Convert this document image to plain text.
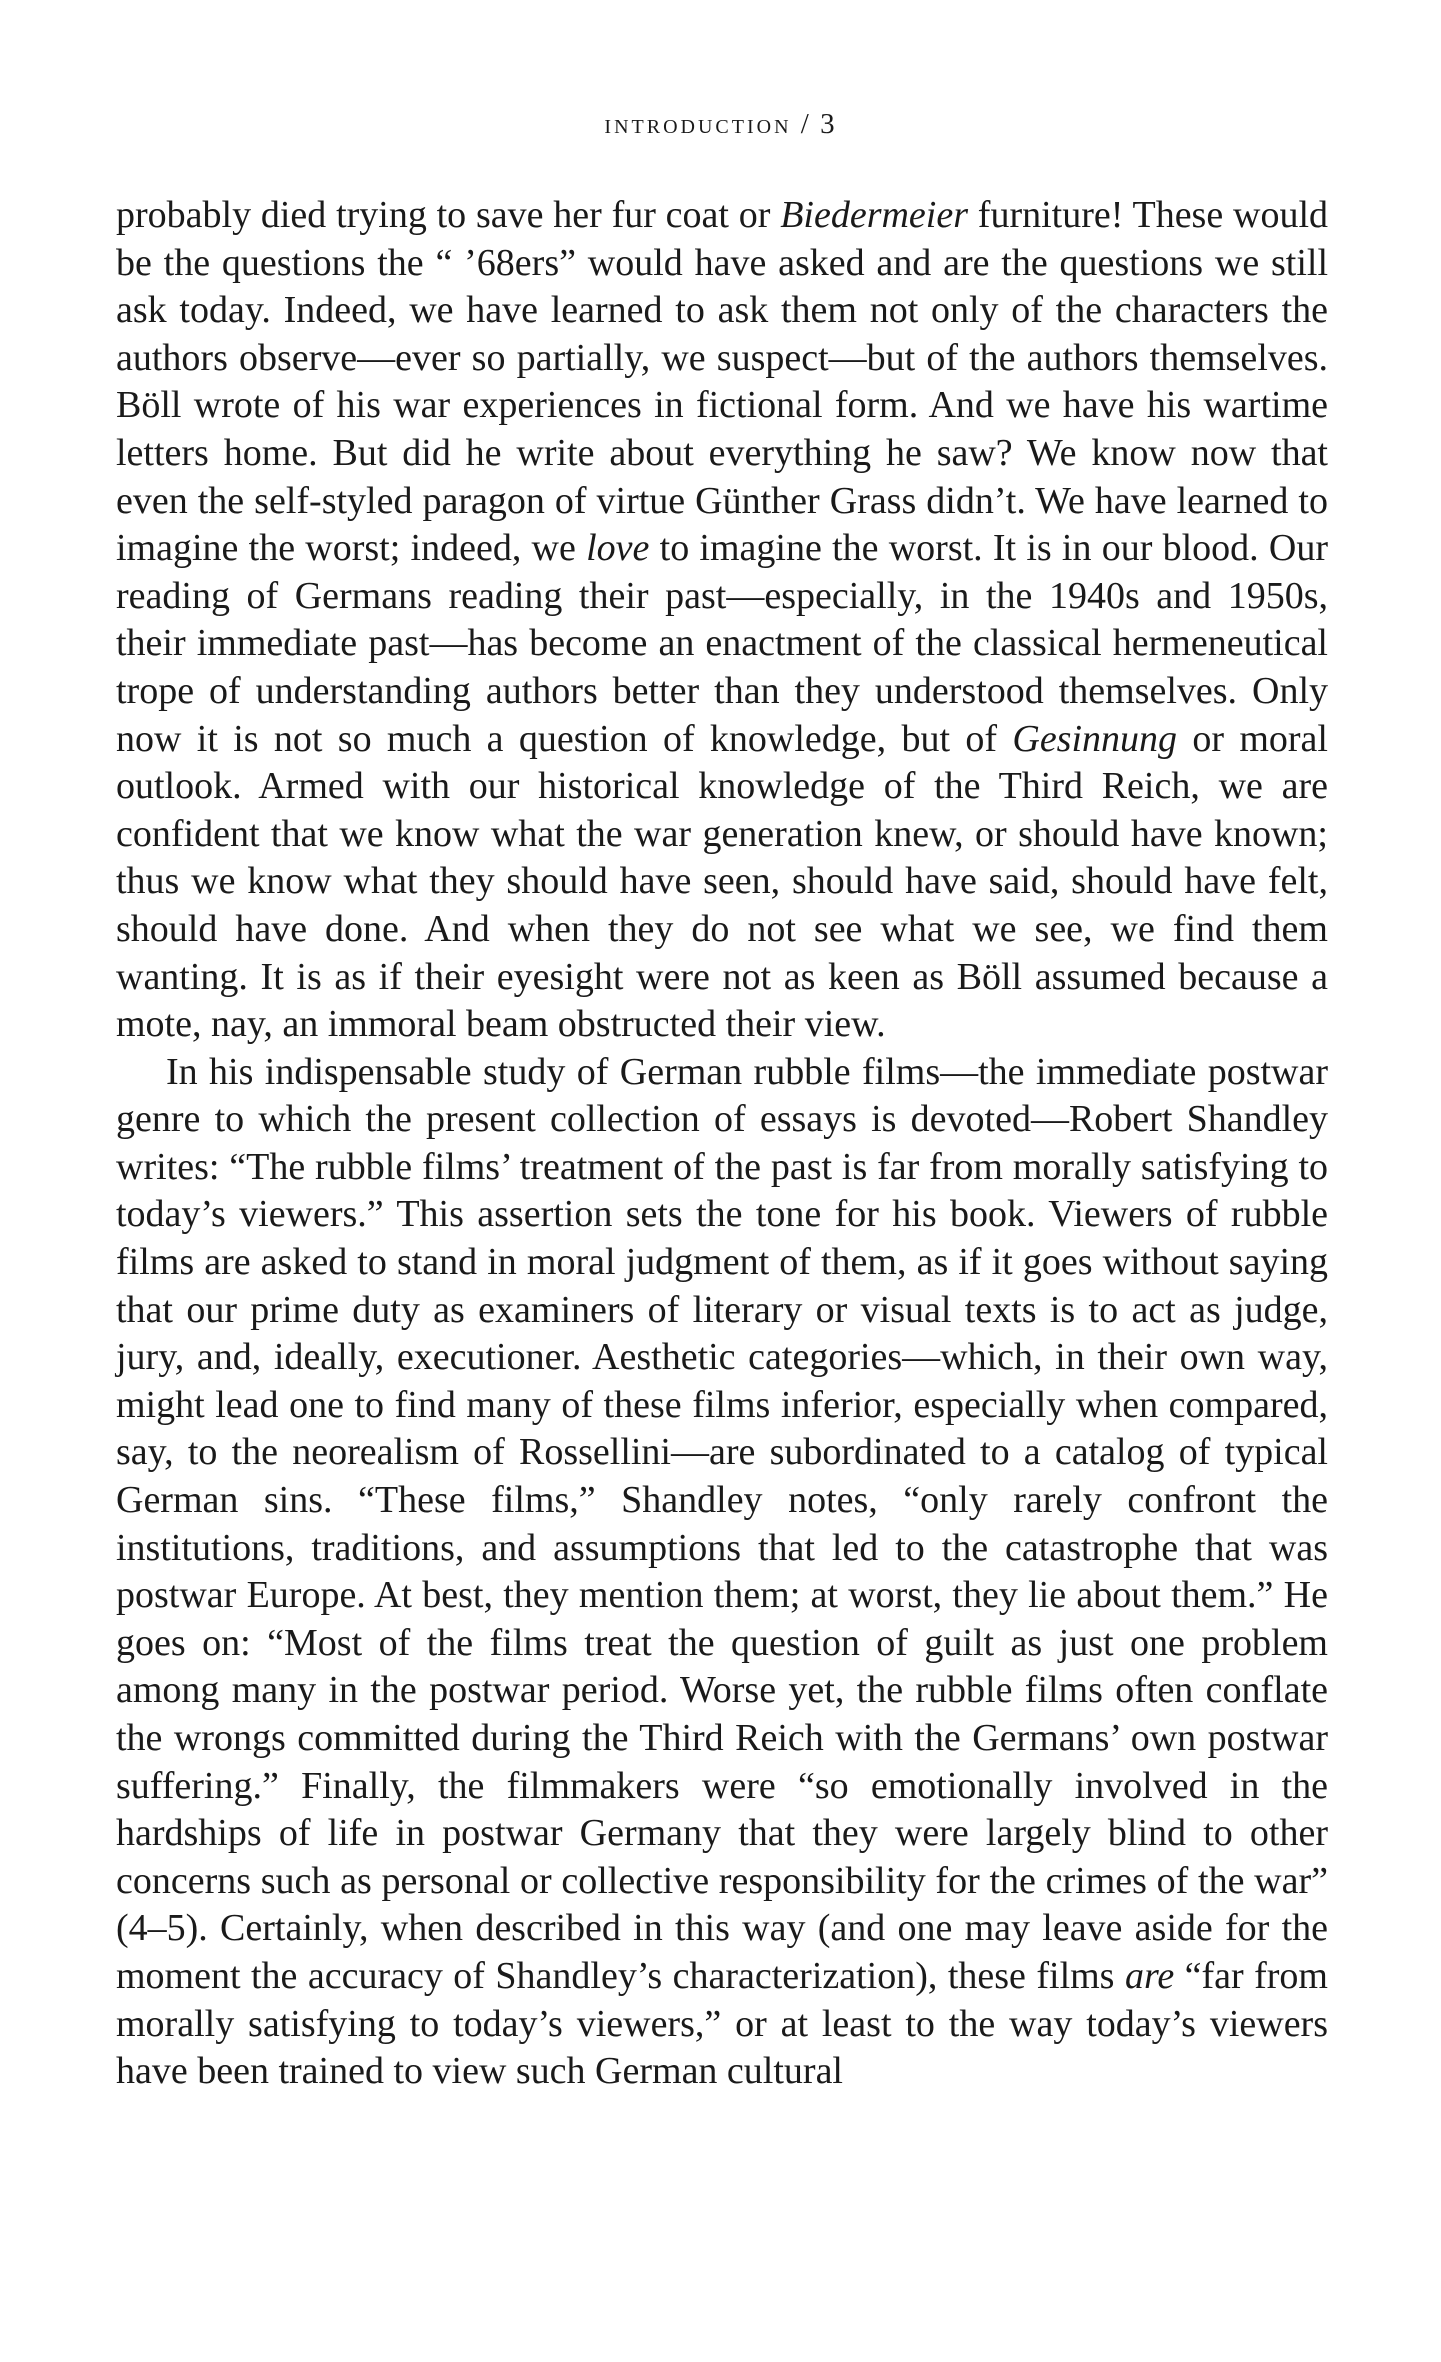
introduction / 3

probably died trying to save her fur coat or Biedermeier furniture! These would be the questions the “ ’68ers” would have asked and are the questions we still ask today. Indeed, we have learned to ask them not only of the characters the authors observe—ever so partially, we suspect—but of the authors themselves. Böll wrote of his war experiences in fictional form. And we have his wartime letters home. But did he write about everything he saw? We know now that even the self-styled paragon of virtue Günther Grass didn’t. We have learned to imagine the worst; indeed, we love to imagine the worst. It is in our blood. Our reading of Germans reading their past—especially, in the 1940s and 1950s, their immediate past—has become an enactment of the classical hermeneutical trope of understanding authors better than they understood themselves. Only now it is not so much a question of knowledge, but of Gesinnung or moral outlook. Armed with our historical knowledge of the Third Reich, we are confident that we know what the war generation knew, or should have known; thus we know what they should have seen, should have said, should have felt, should have done. And when they do not see what we see, we find them wanting. It is as if their eyesight were not as keen as Böll assumed because a mote, nay, an immoral beam obstructed their view.

In his indispensable study of German rubble films—the immediate postwar genre to which the present collection of essays is devoted—Robert Shandley writes: “The rubble films’ treatment of the past is far from morally satisfying to today’s viewers.” This assertion sets the tone for his book. Viewers of rubble films are asked to stand in moral judgment of them, as if it goes without saying that our prime duty as examiners of literary or visual texts is to act as judge, jury, and, ideally, executioner. Aesthetic categories—which, in their own way, might lead one to find many of these films inferior, especially when compared, say, to the neorealism of Rossellini—are subordinated to a catalog of typical German sins. “These films,” Shandley notes, “only rarely confront the institutions, traditions, and assumptions that led to the catastrophe that was postwar Europe. At best, they mention them; at worst, they lie about them.” He goes on: “Most of the films treat the question of guilt as just one problem among many in the postwar period. Worse yet, the rubble films often conflate the wrongs committed during the Third Reich with the Germans’ own postwar suffering.” Finally, the filmmakers were “so emotionally involved in the hardships of life in postwar Germany that they were largely blind to other concerns such as personal or collective responsibility for the crimes of the war” (4–5). Certainly, when described in this way (and one may leave aside for the moment the accuracy of Shandley’s characterization), these films are “far from morally satisfying to today’s viewers,” or at least to the way today’s viewers have been trained to view such German cultural
